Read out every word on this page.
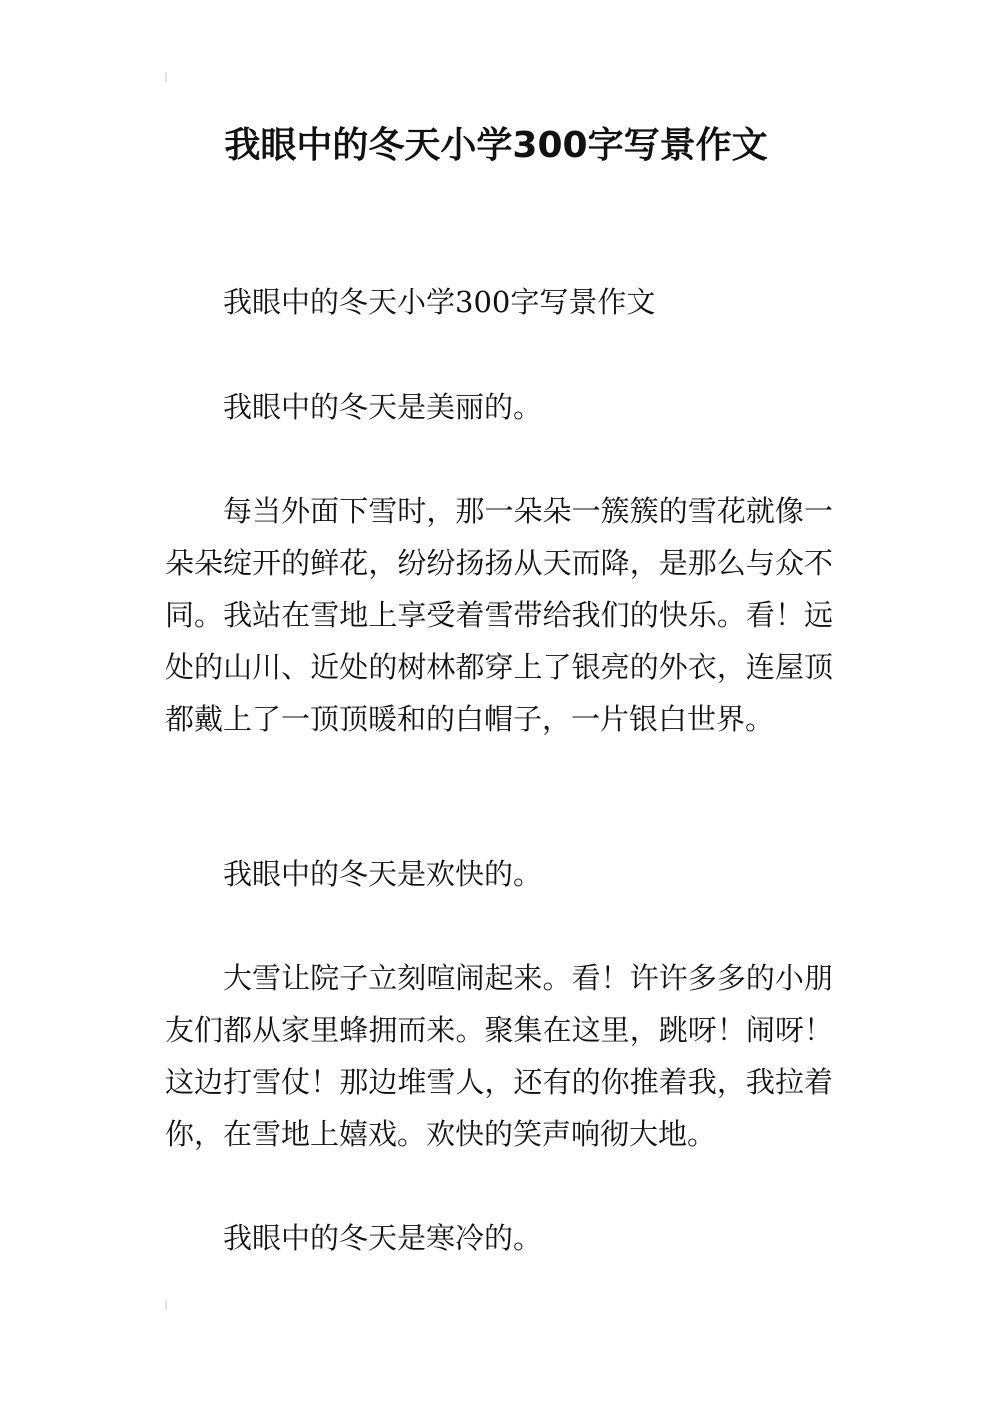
我眼中的冬天小学300字写景作文

我眼中的冬天小学300字写景作文

我眼中的冬天是美丽的。

每当外面下雪时，那一朵朵一簇簇的雪花就像一朵朵绽开的鲜花，纷纷扬扬从天而降，是那么与众不同。我站在雪地上享受着雪带给我们的快乐。看！远处的山川、近处的树林都穿上了银亮的外衣，连屋顶都戴上了一顶顶暖和的白帽子，一片银白世界。

我眼中的冬天是欢快的。

大雪让院子立刻喧闹起来。看！许许多多的小朋友们都从家里蜂拥而来。聚集在这里，跳呀！闹呀！这边打雪仗！那边堆雪人，还有的你推着我，我拉着你，在雪地上嬉戏。欢快的笑声响彻大地。

我眼中的冬天是寒冷的。
